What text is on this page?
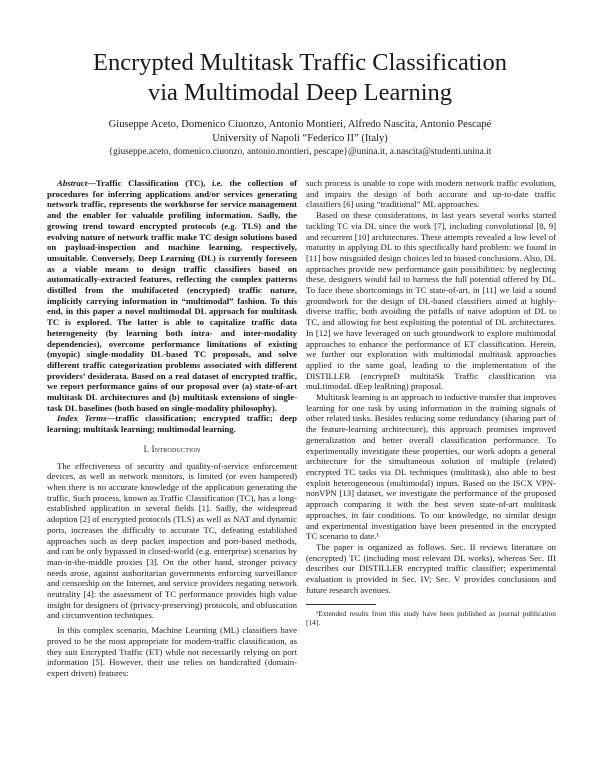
Encrypted Multitask Traffic Classification
via Multimodal Deep Learning
Giuseppe Aceto, Domenico Ciuonzo, Antonio Montieri, Alfredo Nascita, Antonio Pescapé
University of Napoli “Federico II” (Italy)
{giuseppe.aceto, domenico.ciuonzo, antonio.montieri, pescape}@unina.it, a.nascita@studenti.unina.it

Abstract—Traffic Classification (TC), i.e. the collection of procedures for inferring applications and/or services generating network traffic, represents the workhorse for service management and the enabler for valuable profiling information. Sadly, the growing trend toward encrypted protocols (e.g. TLS) and the evolving nature of network traffic make TC design solutions based on payload-inspection and machine learning, respectively, unsuitable. Conversely, Deep Learning (DL) is currently foreseen as a viable means to design traffic classifiers based on automatically-extracted features, reflecting the complex patterns distilled from the multifaceted (encrypted) traffic nature, implicitly carrying information in “multimodal” fashion. To this end, in this paper a novel multimodal DL approach for multitask TC is explored. The latter is able to capitalize traffic data heterogeneity (by learning both intra- and inter-modality dependencies), overcome performance limitations of existing (myopic) single-modality DL-based TC proposals, and solve different traffic categorization problems associated with different providers’ desiderata. Based on a real dataset of encrypted traffic, we report performance gains of our proposal over (a) state-of-art multitask DL architectures and (b) multitask extensions of single-task DL baselines (both based on single-modality philosophy).

Index Terms—traffic classification; encrypted traffic; deep learning; multitask learning; multimodal learning.

I. Introduction

The effectiveness of security and quality-of-service enforcement devices, as well as network monitors, is limited (or even hampered) when there is no accurate knowledge of the application generating the traffic. Such process, known as Traffic Classification (TC), has a long-established application in several fields [1]. Sadly, the widespread adoption [2] of encrypted protocols (TLS) as well as NAT and dynamic ports, increases the difficulty to accurate TC, defeating established approaches such as deep packet inspection and port-based methods, and can be only bypassed in closed-world (e.g. enterprise) scenarios by man-in-the-middle proxies [3]. On the other hand, stronger privacy needs arose, against authoritarian governments enforcing surveillance and censorship on the Internet, and service providers negating network neutrality [4]: the assessment of TC performance provides high value insight for designers of (privacy-preserving) protocols, and obfuscation and circumvention techniques.

In this complex scenario, Machine Learning (ML) classifiers have proved to be the most appropriate for modern-traffic classification, as they suit Encrypted Traffic (ET) while not necessarily relying on port information [5]. However, their use relies on handcrafted (domain-expert driven) features:

such process is unable to cope with modern network traffic evolution, and impairs the design of both accurate and up-to-date traffic classifiers [6] using “traditional” ML approaches.

Based on these considerations, in last years several works started tackling TC via DL since the work [7], including convolutional [8, 9] and recurrent [10] architectures. These attempts revealed a low level of maturity in applying DL to this specifically hard problem: we found in [11] how misguided design choices led to biased conclusions. Also, DL approaches provide new performance gain possibilities: by neglecting these, designers would fail to harness the full potential offered by DL. To face these shortcomings in TC state-of-art, in [11] we laid a sound groundwork for the design of DL-based classifiers aimed at highly-diverse traffic, both avoiding the pitfalls of naive adoption of DL to TC, and allowing for best exploiting the potential of DL architectures. In [12] we have leveraged on such groundwork to explore multimodal approaches to enhance the performance of ET classification. Herein, we further our exploration with multimodal multitask approaches applied to the same goal, leading to the implementation of the DISTILLER (encrypteD multitaSk Traffic classIfication via muLtimodaL dEep leaRning) proposal.

Multitask learning is an approach to inductive transfer that improves learning for one task by using information in the training signals of other related tasks. Besides reducing some redundancy (sharing part of the feature-learning architecture), this approach promises improved generalization and better overall classification performance. To experimentally investigate these properties, our work adopts a general architecture for the simultaneous solution of multiple (related) encrypted TC tasks via DL techniques (multitask), also able to best exploit heterogeneous (multimodal) inputs. Based on the ISCX VPN-nonVPN [13] dataset, we investigate the performance of the proposed approach comparing it with the best seven state-of-art multitask approaches, in fair conditions. To our knowledge, no similar design and experimental investigation have been presented in the encrypted TC scenario to date.¹

The paper is organized as follows. Sec. II reviews literature on (encrypted) TC (including most relevant DL works), whereas Sec. III describes our DISTILLER encrypted traffic classifier; experimental evaluation is provided in Sec. IV; Sec. V provides conclusions and future research avenues.

¹Extended results from this study have been published as journal publication [14].
